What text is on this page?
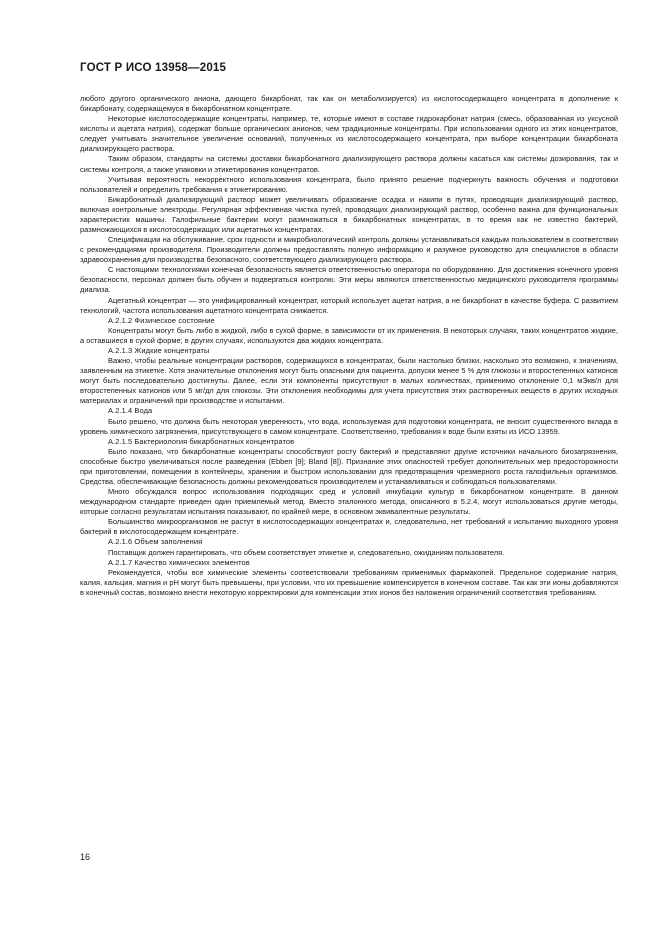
ГОСТ Р ИСО 13958—2015

любого другого органического аниона, дающего бикарбонат, так как он метаболизируется) из кислотосодержащего концентрата в дополнение к бикарбонату, содержащемуся в бикарбонатном концентрате.

Некоторые кислотосодержащие концентраты, например, те, которые имеют в составе гидрокарбонат натрия (смесь, образованная из уксусной кислоты и ацетата натрия), содержат больше органических анионов, чем традиционные концентраты. При использовании одного из этих концентратов, следует учитывать значительное увеличение оснований, полученных из кислотосодержащего концентрата, при выборе концентрации бикарбоната диализирующего раствора.

Таким образом, стандарты на системы доставки бикарбонатного диализирующего раствора должны касаться как системы дозирования, так и системы контроля, а также упаковки и этикетирования концентратов.

Учитывая вероятность некорректного использования концентрата, было принято решение подчеркнуть важность обучения и подготовки пользователей и определить требования к этикетированию.

Бикарбонатный диализирующий раствор может увеличивать образование осадка и накипи в путях, проводящих диализирующий раствор, включая контрольные электроды. Регулярная эффективная чистка путей, проводящих диализирующий раствор, особенно важна для функциональных характеристик машины. Галофильные бактерии могут размножаться в бикарбонатных концентратах, в то время как не известно бактерий, размножающихся в кислотосодержащих или ацетатных концентратах.

Спецификации на обслуживание, срок годности и микробиологический контроль должны устанавливаться каждым пользователем в соответствии с рекомендациями производителя. Производители должны предоставлять полную информацию и разумное руководство для специалистов в области здравоохранения для производства безопасного, соответствующего диализирующего раствора.

С настоящими технологиями конечная безопасность является ответственностью оператора по оборудованию. Для достижения конечного уровня безопасности, персонал должен быть обучен и подвергаться контролю. Эти меры являются ответственностью медицинского руководителя программы диализа.

Ацетатный концентрат — это унифицированный концентрат, который использует ацетат натрия, а не бикарбонат в качестве буфера. С развитием технологий, частота использования ацетатного концентрата снижается.

А.2.1.2 Физическое состояние

Концентраты могут быть либо в жидкой, либо в сухой форме, в зависимости от их применения. В некоторых случаях, таких концентратов жидкие, а оставшиеся в сухой форме; в других случаях, используются два жидких концентрата.

А.2.1.3 Жидкие концентраты

Важно, чтобы реальные концентрации растворов, содержащихся в концентратах, были настолько близки, насколько это возможно, к значениям, заявленным на этикетке. Хотя значительные отклонения могут быть опасными для пациента, допуски менее 5 % для глюкозы и второстепенных катионов могут быть последовательно достигнуты. Далее, если эти компоненты присутствуют в малых количествах, применимо отклонение 0,1 мЭкв/л для второстепенных катионов или 5 мг/дл для глюкозы. Эти отклонения необходимы для учета присутствия этих растворенных веществ в других исходных материалах и ограничений при производстве и испытании.

А.2.1.4 Вода

Было решено, что должна быть некоторая уверенность, что вода, используемая для подготовки концентрата, не вносит существенного вклада в уровень химического загрязнения, присутствующего в самом концентрате. Соответственно, требования к воде были взяты из ИСО 13959.

А.2.1.5 Бактериология бикарбонатных концентратов

Было показано, что бикарбонатные концентраты способствуют росту бактерий и представляют другие источники начального биозагрязнения, способные быстро увеличиваться после разведения (Ebben [9]; Bland [8]). Признание этих опасностей требует дополнительных мер предосторожности при приготовлении, помещении в контейнеры, хранении и быстром использовании для предотвращения чрезмерного роста галофильных организмов. Средства, обеспечивающие безопасность должны рекомендоваться производителем и устанавливаться и соблюдаться пользователями.

Много обсуждался вопрос использования подходящих сред и условий инкубации культур в бикарбонатном концентрате. В данном международном стандарте приведен один приемлемый метод. Вместо эталонного метода, описанного в 5.2.4, могут использоваться другие методы, которые согласно результатам испытания показывают, по крайней мере, в основном эквивалентные результаты.

Большинство микроорганизмов не растут в кислотосодержащих концентратах и, следовательно, нет требований к испытанию выходного уровня бактерий в кислотосодержащем концентрате.

А.2.1.6 Объем заполнения

Поставщик должен гарантировать, что объем соответствует этикетке и, следовательно, ожиданиям пользователя.

А.2.1.7 Качество химических элементов

Рекомендуется, чтобы все химические элементы соответствовали требованиям применимых фармакопей. Предельное содержание натрия, калия, кальция, магния и pH могут быть превышены, при условии, что их превышение компенсируется в конечном составе. Так как эти ионы добавляются в конечный состав, возможно внести некоторую корректировки для компенсации этих ионов без наложения ограничений соответствия требованиям.

16
